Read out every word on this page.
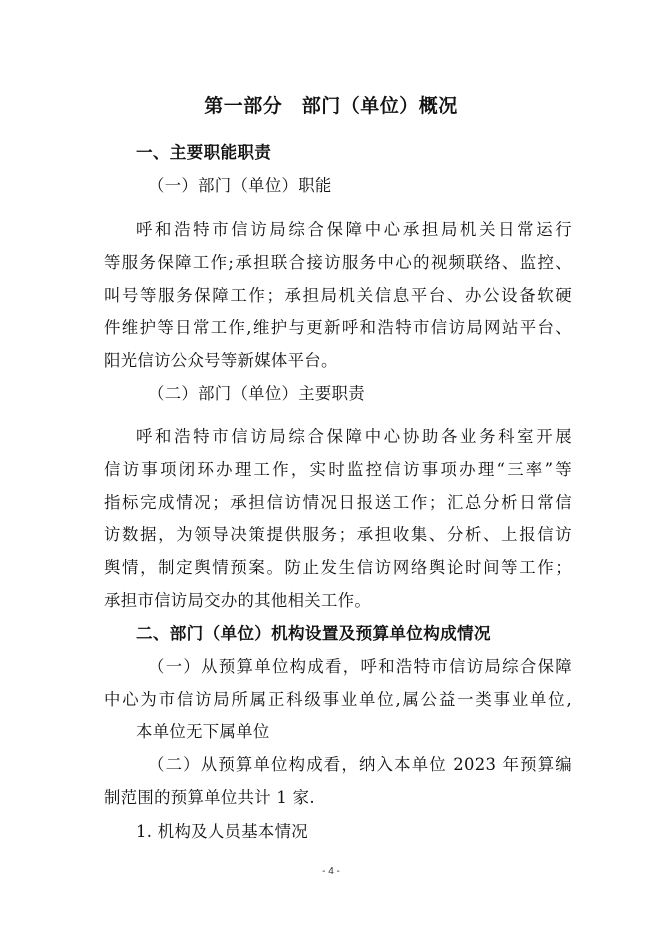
第一部分　部门（单位）概况
一、主要职能职责
（一）部门（单位）职能
呼和浩特市信访局综合保障中心承担局机关日常运行
等服务保障工作;承担联合接访服务中心的视频联络、监控、
叫号等服务保障工作；承担局机关信息平台、办公设备软硬
件维护等日常工作,维护与更新呼和浩特市信访局网站平台、
阳光信访公众号等新媒体平台。
（二）部门（单位）主要职责
呼和浩特市信访局综合保障中心协助各业务科室开展
信访事项闭环办理工作，实时监控信访事项办理“三率”等
指标完成情况；承担信访情况日报送工作；汇总分析日常信
访数据，为领导决策提供服务；承担收集、分析、上报信访
舆情，制定舆情预案。防止发生信访网络舆论时间等工作；
承担市信访局交办的其他相关工作。
二、部门（单位）机构设置及预算单位构成情况
（一）从预算单位构成看，呼和浩特市信访局综合保障
中心为市信访局所属正科级事业单位,属公益一类事业单位,
本单位无下属单位
（二）从预算单位构成看，纳入本单位 2023 年预算编
制范围的预算单位共计 1 家.
1. 机构及人员基本情况
- 4 -
